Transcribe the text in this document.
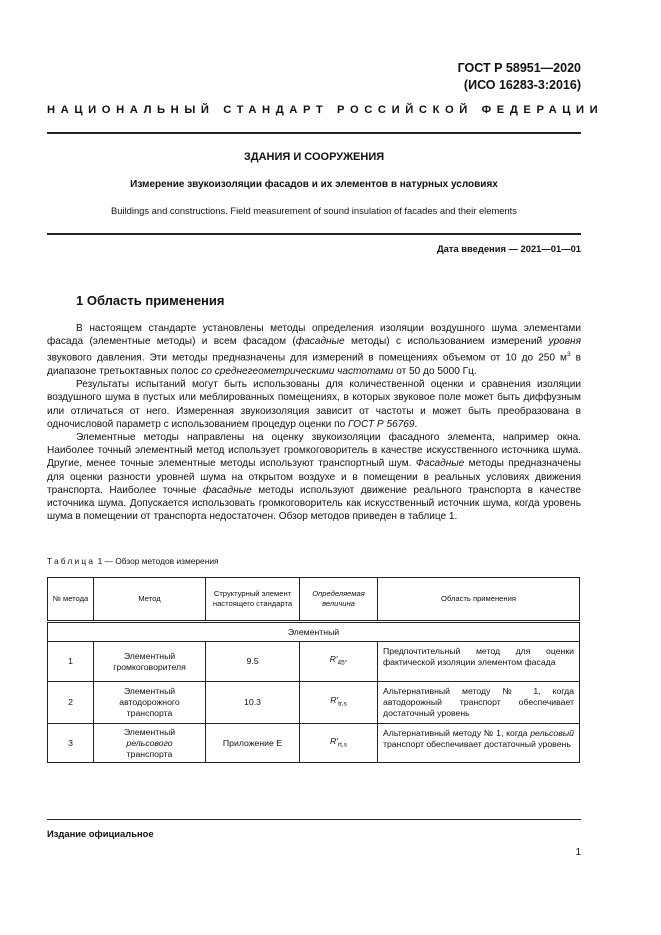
ГОСТ Р 58951—2020
(ИСО 16283-3:2016)
НАЦИОНАЛЬНЫЙ СТАНДАРТ РОССИЙСКОЙ ФЕДЕРАЦИИ
ЗДАНИЯ И СООРУЖЕНИЯ
Измерение звукоизоляции фасадов и их элементов в натурных условиях
Buildings and constructions. Field measurement of sound insulation of facades and their elements
Дата введения — 2021—01—01
1 Область применения

В настоящем стандарте установлены методы определения изоляции воздушного шума элементами фасада (элементные методы) и всем фасадом (фасадные методы) с использованием измерений уровня звукового давления. Эти методы предназначены для измерений в помещениях объемом от 10 до 250 $м^3$ в диапазоне третьоктавных полос со среднегеометрическими частотами от 50 до 5000 Гц.

Результаты испытаний могут быть использованы для количественной оценки и сравнения изоляции воздушного шума в пустых или меблированных помещениях, в которых звуковое поле может быть диффузным или отличаться от него. Измеренная звукоизоляция зависит от частоты и может быть преобразована в одночисловой параметр с использованием процедур оценки по ГОСТ Р 56769.

Элементные методы направлены на оценку звукоизоляции фасадного элемента, например окна. Наиболее точный элементный метод использует громкоговоритель в качестве искусственного источника шума. Другие, менее точные элементные методы используют транспортный шум. Фасадные методы предназначены для оценки разности уровней шума на открытом воздухе и в помещении в реальных условиях движения транспорта. Наиболее точные фасадные методы используют движение реального транспорта в качестве источника шума. Допускается использовать громкоговоритель как искусственный источник шума, когда уровень шума в помещении от транспорта недостаточен. Обзор методов приведен в таблице 1.

Таблица 1 — Обзор методов измерения
№ метода	Метод	Структурный элемент настоящего стандарта	Определяемая величина	Область применения
Элементный				
1	Элементный громкоговорителя	9.5	$R'_{45^\circ}$	Предпочтительный метод для оценки фактической изоляции элементом фасада
2	Элементный автодорожного транспорта	10.3	$R'_{tr,s}$	Альтернативный методу № 1, когда автодорожный транспорт обеспечивает достаточный уровень
3	Элементный
рельсового
транспорта	Приложение Е	$R'_{rt,s}$	Альтернативный методу № 1, когда рельсовый транспорт обеспечивает достаточный уровень
Издание официальное
1
